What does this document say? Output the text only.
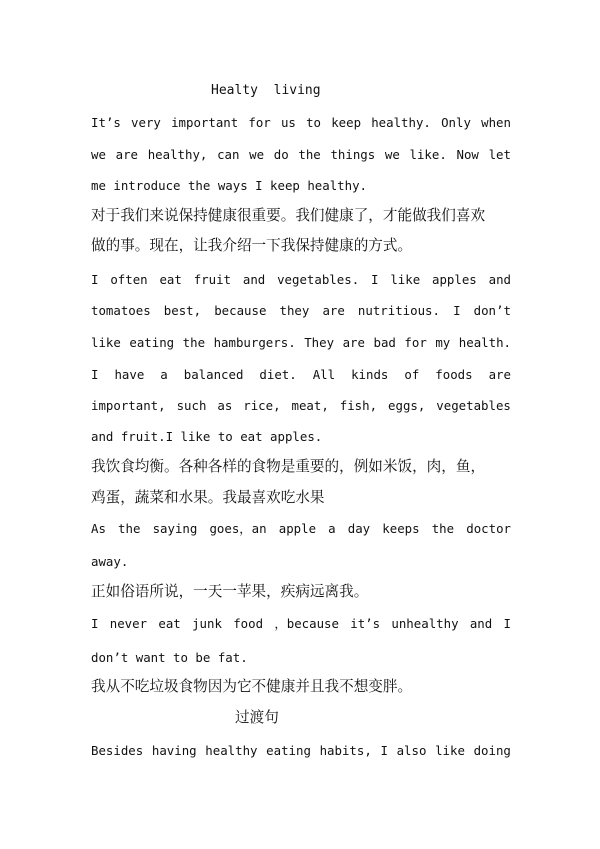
Healty  living
It’s very important for us to keep healthy. Only when
we are healthy, can we do the things we like. Now let
me introduce the ways I keep healthy.
对于我们来说保持健康很重要。我们健康了，才能做我们喜欢
做的事。现在，让我介绍一下我保持健康的方式。
I often eat fruit and vegetables. I like apples and
tomatoes best, because they are nutritious. I don’t
like eating the hamburgers. They are bad for my health.
I have a balanced diet. All kinds of foods are
important, such as rice, meat, fish, eggs, vegetables
and fruit.I like to eat apples.
我饮食均衡。各种各样的食物是重要的，例如米饭，肉，鱼，
鸡蛋，蔬菜和水果。我最喜欢吃水果
As the saying goes，an apple a day keeps the doctor
away.
正如俗语所说，一天一苹果，疾病远离我。
I never eat junk food ，because it’s unhealthy and I
don’t want to be fat.
我从不吃垃圾食物因为它不健康并且我不想变胖。
过渡句
Besides having healthy eating habits, I also like doing
